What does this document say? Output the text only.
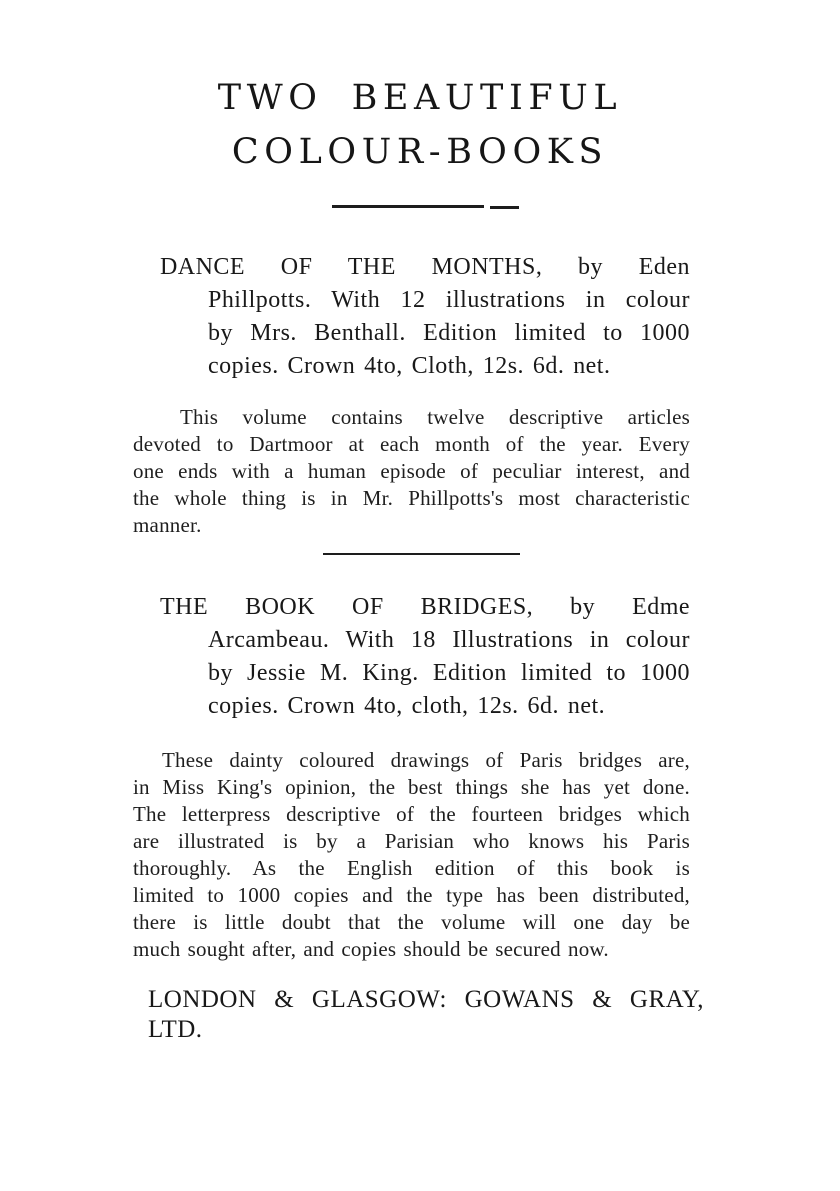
TWO BEAUTIFUL
COLOUR-BOOKS
DANCE OF THE MONTHS, by Eden
Phillpotts. With 12 illustrations in colour
by Mrs. Benthall. Edition limited to 1000
copies. Crown 4to, Cloth, 12s. 6d. net.
This volume contains twelve descriptive articles
devoted to Dartmoor at each month of the year. Every
one ends with a human episode of peculiar interest, and
the whole thing is in Mr. Phillpotts's most characteristic
manner.
THE BOOK OF BRIDGES, by Edme
Arcambeau. With 18 Illustrations in colour
by Jessie M. King. Edition limited to 1000
copies. Crown 4to, cloth, 12s. 6d. net.
These dainty coloured drawings of Paris bridges are,
in Miss King's opinion, the best things she has yet done.
The letterpress descriptive of the fourteen bridges which
are illustrated is by a Parisian who knows his Paris
thoroughly. As the English edition of this book is
limited to 1000 copies and the type has been distributed,
there is little doubt that the volume will one day be
much sought after, and copies should be secured now.
LONDON & GLASGOW: GOWANS & GRAY, LTD.
